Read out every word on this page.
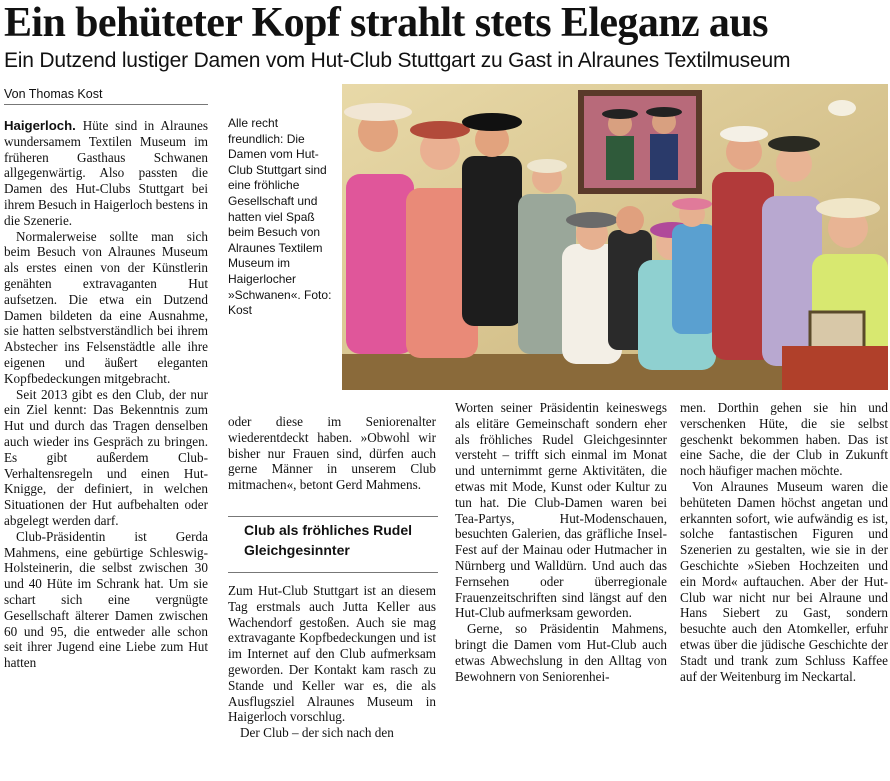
Ein behüteter Kopf strahlt stets Eleganz aus
Ein Dutzend lustiger Damen vom Hut-Club Stuttgart zu Gast in Alraunes Textilmuseum
Von Thomas Kost
Alle recht freundlich: Die Damen vom Hut-Club Stuttgart sind eine fröhliche Gesellschaft und hatten viel Spaß beim Besuch von Alraunes Textilem Museum im Haigerlocher »Schwanen«. Foto: Kost

Haigerloch. Hüte sind in Alraunes wundersamem Textilen Museum im früheren Gasthaus Schwanen allgegenwärtig. Also passten die Damen des Hut-Clubs Stuttgart bei ihrem Besuch in Haigerloch bestens in die Szenerie.

Normalerweise sollte man sich beim Besuch von Alraunes Museum als erstes einen von der Künstlerin genähten extravaganten Hut aufsetzen. Die etwa ein Dutzend Damen bildeten da eine Ausnahme, sie hatten selbstverständlich bei ihrem Abstecher ins Felsenstädtle alle ihre eigenen und äußert eleganten Kopfbedeckungen mitgebracht.

Seit 2013 gibt es den Club, der nur ein Ziel kennt: Das Bekenntnis zum Hut und durch das Tragen denselben auch wieder ins Gespräch zu bringen. Es gibt außerdem Club-Verhaltensregeln und einen Hut-Knigge, der definiert, in welchen Situationen der Hut aufbehalten oder abgelegt werden darf.

Club-Präsidentin ist Gerda Mahmens, eine gebürtige Schleswig-Holsteinerin, die selbst zwischen 30 und 40 Hüte im Schrank hat. Um sie schart sich eine vergnügte Gesellschaft älterer Damen zwischen 60 und 95, die entweder alle schon seit ihrer Jugend eine Liebe zum Hut hatten

oder diese im Seniorenalter wiederentdeckt haben. »Obwohl wir bisher nur Frauen sind, dürfen auch gerne Männer in unserem Club mitmachen«, betont Gerd Mahmens.

Club als fröhliches Rudel Gleichgesinnter

Zum Hut-Club Stuttgart ist an diesem Tag erstmals auch Jutta Keller aus Wachendorf gestoßen. Auch sie mag extravagante Kopfbedeckungen und ist im Internet auf den Club aufmerksam geworden. Der Kontakt kam rasch zu Stande und Keller war es, die als Ausflugsziel Alraunes Museum in Haigerloch vorschlug.

Der Club – der sich nach den

Worten seiner Präsidentin keineswegs als elitäre Gemeinschaft sondern eher als fröhliches Rudel Gleichgesinnter versteht – trifft sich einmal im Monat und unternimmt gerne Aktivitäten, die etwas mit Mode, Kunst oder Kultur zu tun hat. Die Club-Damen waren bei Tea-Partys, Hut-Modenschauen, besuchten Galerien, das gräfliche Insel-Fest auf der Mainau oder Hutmacher in Nürnberg und Walldürn. Und auch das Fernsehen oder überregionale Frauenzeitschriften sind längst auf den Hut-Club aufmerksam geworden.

Gerne, so Präsidentin Mahmens, bringt die Damen vom Hut-Club auch etwas Abwechslung in den Alltag von Bewohnern von Seniorenhei-

men. Dorthin gehen sie hin und verschenken Hüte, die sie selbst geschenkt bekommen haben. Das ist eine Sache, die der Club in Zukunft noch häufiger machen möchte.

Von Alraunes Museum waren die behüteten Damen höchst angetan und erkannten sofort, wie aufwändig es ist, solche fantastischen Figuren und Szenerien zu gestalten, wie sie in der Geschichte »Sieben Hochzeiten und ein Mord« auftauchen. Aber der Hut-Club war nicht nur bei Alraune und Hans Siebert zu Gast, sondern besuchte auch den Atomkeller, erfuhr etwas über die jüdische Geschichte der Stadt und trank zum Schluss Kaffee auf der Weitenburg im Neckartal.
